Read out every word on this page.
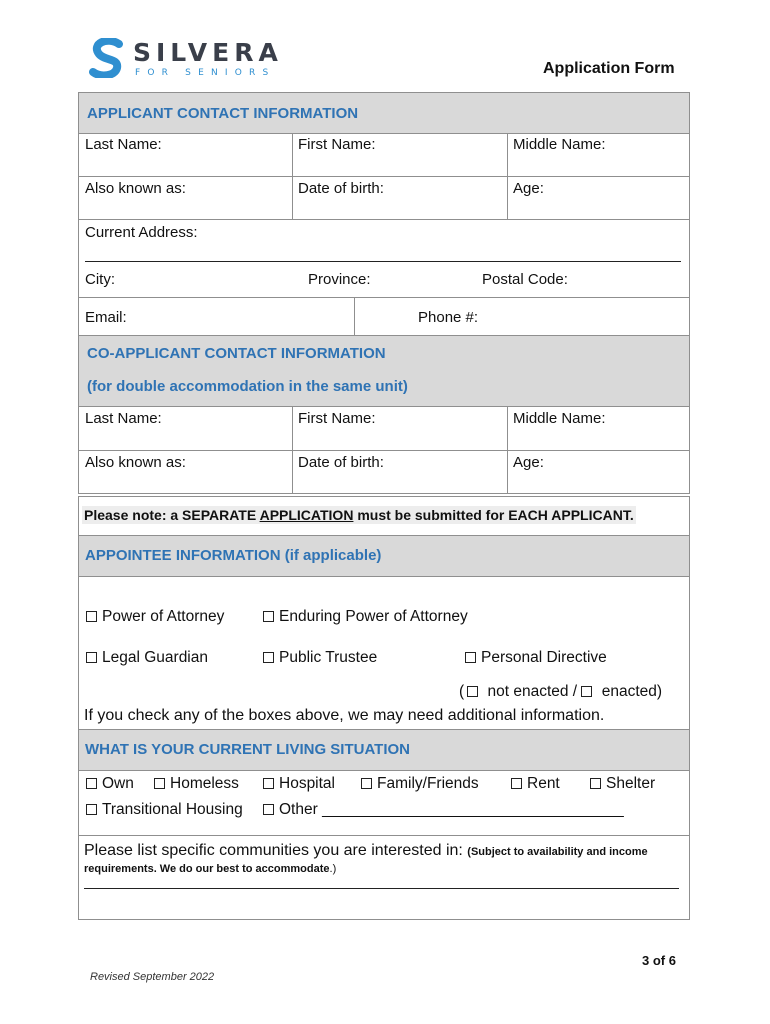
SILVERA
FOR SENIORS	Application Form
APPLICANT CONTACT INFORMATION
Last Name:	First Name:	Middle Name:
Also known as:	Date of birth:	Age:
Current Address:
City:	Province:	Postal Code:
Email:	Phone #:
CO-APPLICANT CONTACT INFORMATION
(for double accommodation in the same unit)
Last Name:	First Name:	Middle Name:
Also known as:	Date of birth:	Age:
Please note: a SEPARATE APPLICATION must be submitted for EACH APPLICANT.
APPOINTEE INFORMATION (if applicable)
Power of Attorney	Enduring Power of Attorney
Legal Guardian	Public Trustee	Personal Directive
( not enacted /  enacted)
If you check any of the boxes above, we may need additional information.
WHAT IS YOUR CURRENT LIVING SITUATION
Own	Homeless	Hospital	Family/Friends	Rent	Shelter
Transitional Housing	Other ___________________________________
Please list specific communities you are interested in: (Subject to availability and income
requirements. We do our best to accommodate.)
3 of 6
Revised September 2022
